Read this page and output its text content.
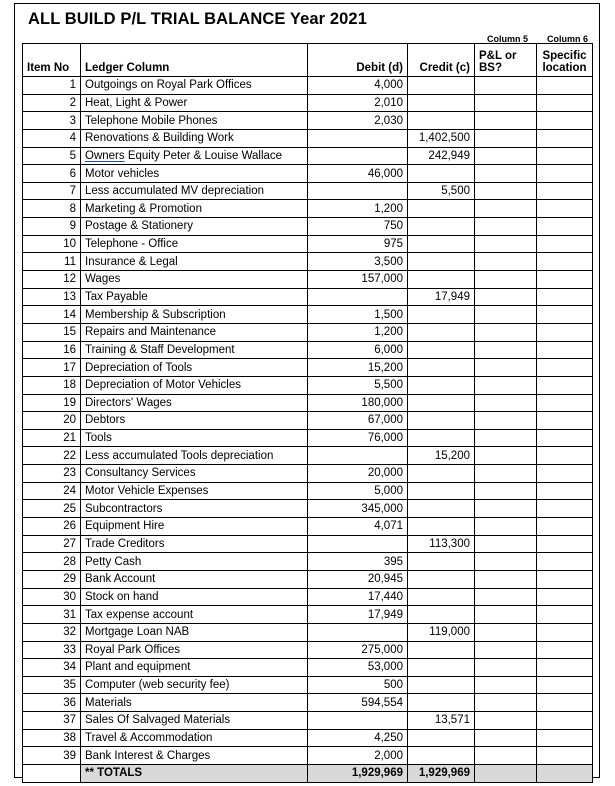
ALL BUILD P/L TRIAL BALANCE Year 2021
Column 5 Column 6
Item No	Ledger Column	Debit (d)	Credit (c)	P&L or
BS?	Specific
location
1	Outgoings on Royal Park Offices	4,000			
2	Heat, Light & Power	2,010			
3	Telephone Mobile Phones	2,030			
4	Renovations & Building Work		1,402,500		
5	Owners Equity Peter & Louise Wallace		242,949		
6	Motor vehicles	46,000			
7	Less accumulated MV depreciation		5,500		
8	Marketing & Promotion	1,200			
9	Postage & Stationery	750			
10	Telephone - Office	975			
11	Insurance & Legal	3,500			
12	Wages	157,000			
13	Tax Payable		17,949		
14	Membership & Subscription	1,500			
15	Repairs and Maintenance	1,200			
16	Training & Staff Development	6,000			
17	Depreciation of Tools	15,200			
18	Depreciation of Motor Vehicles	5,500			
19	Directors' Wages	180,000			
20	Debtors	67,000			
21	Tools	76,000			
22	Less accumulated Tools depreciation		15,200		
23	Consultancy Services	20,000			
24	Motor Vehicle Expenses	5,000			
25	Subcontractors	345,000			
26	Equipment Hire	4,071			
27	Trade Creditors		113,300		
28	Petty Cash	395			
29	Bank Account	20,945			
30	Stock on hand	17,440			
31	Tax expense account	17,949			
32	Mortgage Loan NAB		119,000		
33	Royal Park Offices	275,000			
34	Plant and equipment	53,000			
35	Computer (web security fee)	500			
36	Materials	594,554			
37	Sales Of Salvaged Materials		13,571		
38	Travel & Accommodation	4,250			
39	Bank Interest & Charges	2,000			
	** TOTALS	1,929,969	1,929,969		
